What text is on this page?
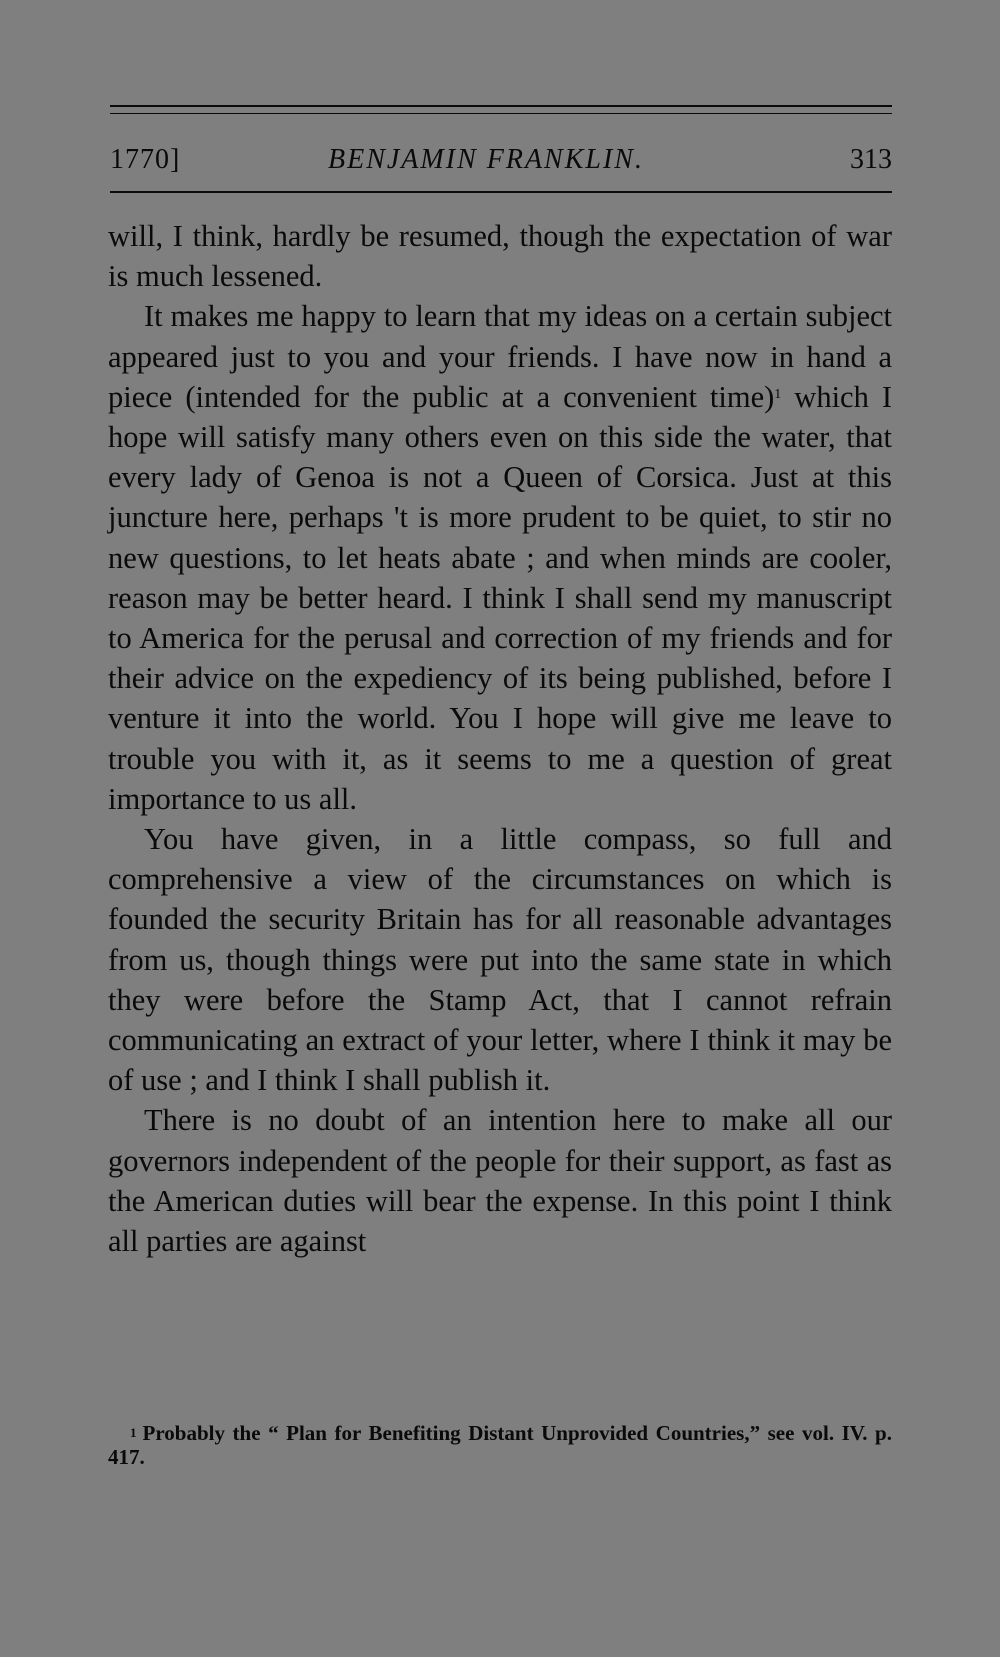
1770]	BENJAMIN FRANKLIN.	313

will, I think, hardly be resumed, though the expectation of war is much lessened.

It makes me happy to learn that my ideas on a certain subject appeared just to you and your friends. I have now in hand a piece (intended for the public at a convenient time)$^1$ which I hope will satisfy many others even on this side the water, that every lady of Genoa is not a Queen of Corsica. Just at this juncture here, perhaps 't is more prudent to be quiet, to stir no new questions, to let heats abate ; and when minds are cooler, reason may be better heard. I think I shall send my manuscript to America for the perusal and correction of my friends and for their advice on the expediency of its being published, before I venture it into the world. You I hope will give me leave to trouble you with it, as it seems to me a question of great importance to us all.

You have given, in a little compass, so full and comprehensive a view of the circumstances on which is founded the security Britain has for all reasonable advantages from us, though things were put into the same state in which they were before the Stamp Act, that I cannot refrain communicating an extract of your letter, where I think it may be of use ; and I think I shall publish it.

There is no doubt of an intention here to make all our governors independent of the people for their support, as fast as the American duties will bear the expense. In this point I think all parties are against

$^1$ Probably the “ Plan for Benefiting Distant Unprovided Countries,” see vol. IV. p. 417.
